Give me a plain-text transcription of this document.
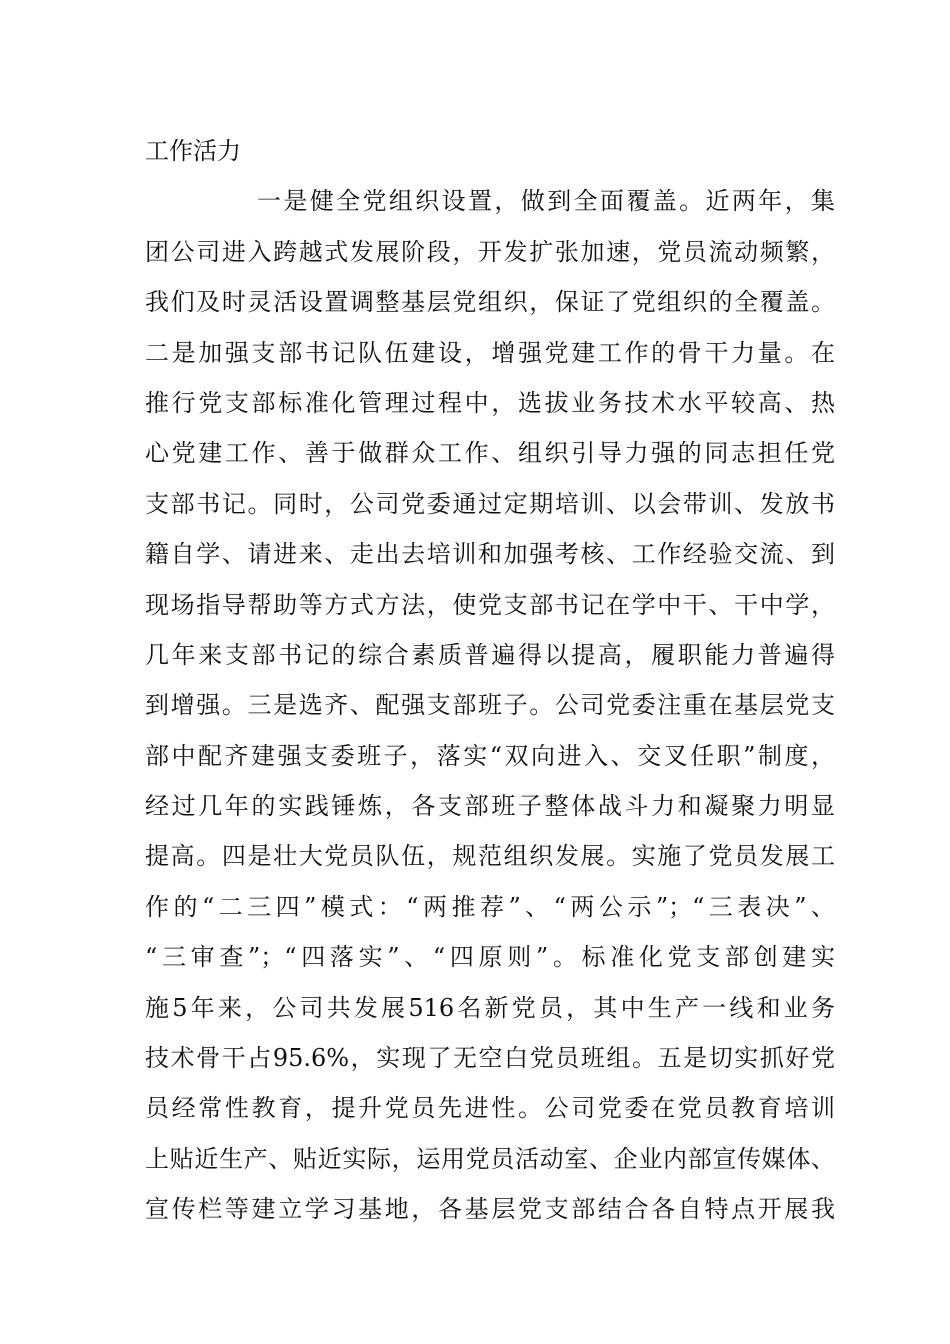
工作活力
一是健全党组织设置，做到全面覆盖。近两年，集
团公司进入跨越式发展阶段，开发扩张加速，党员流动频繁，
我们及时灵活设置调整基层党组织，保证了党组织的全覆盖。
二是加强支部书记队伍建设，增强党建工作的骨干力量。在
推行党支部标准化管理过程中，选拔业务技术水平较高、热
心党建工作、善于做群众工作、组织引导力强的同志担任党
支部书记。同时，公司党委通过定期培训、以会带训、发放书
籍自学、请进来、走出去培训和加强考核、工作经验交流、到
现场指导帮助等方式方法，使党支部书记在学中干、干中学，
几年来支部书记的综合素质普遍得以提高，履职能力普遍得
到增强。三是选齐、配强支部班子。公司党委注重在基层党支
部中配齐建强支委班子，落实“双向进入、交叉任职”制度，
经过几年的实践锤炼，各支部班子整体战斗力和凝聚力明显
提高。四是壮大党员队伍，规范组织发展。实施了党员发展工
作的“二三四”模式：“两推荐”、“两公示”；“三表决”、
“三审查”；“四落实”、“四原则”。标准化党支部创建实
施5年来，公司共发展516名新党员，其中生产一线和业务
技术骨干占95.6%，实现了无空白党员班组。五是切实抓好党
员经常性教育，提升党员先进性。公司党委在党员教育培训
上贴近生产、贴近实际，运用党员活动室、企业内部宣传媒体、
宣传栏等建立学习基地，各基层党支部结合各自特点开展我
